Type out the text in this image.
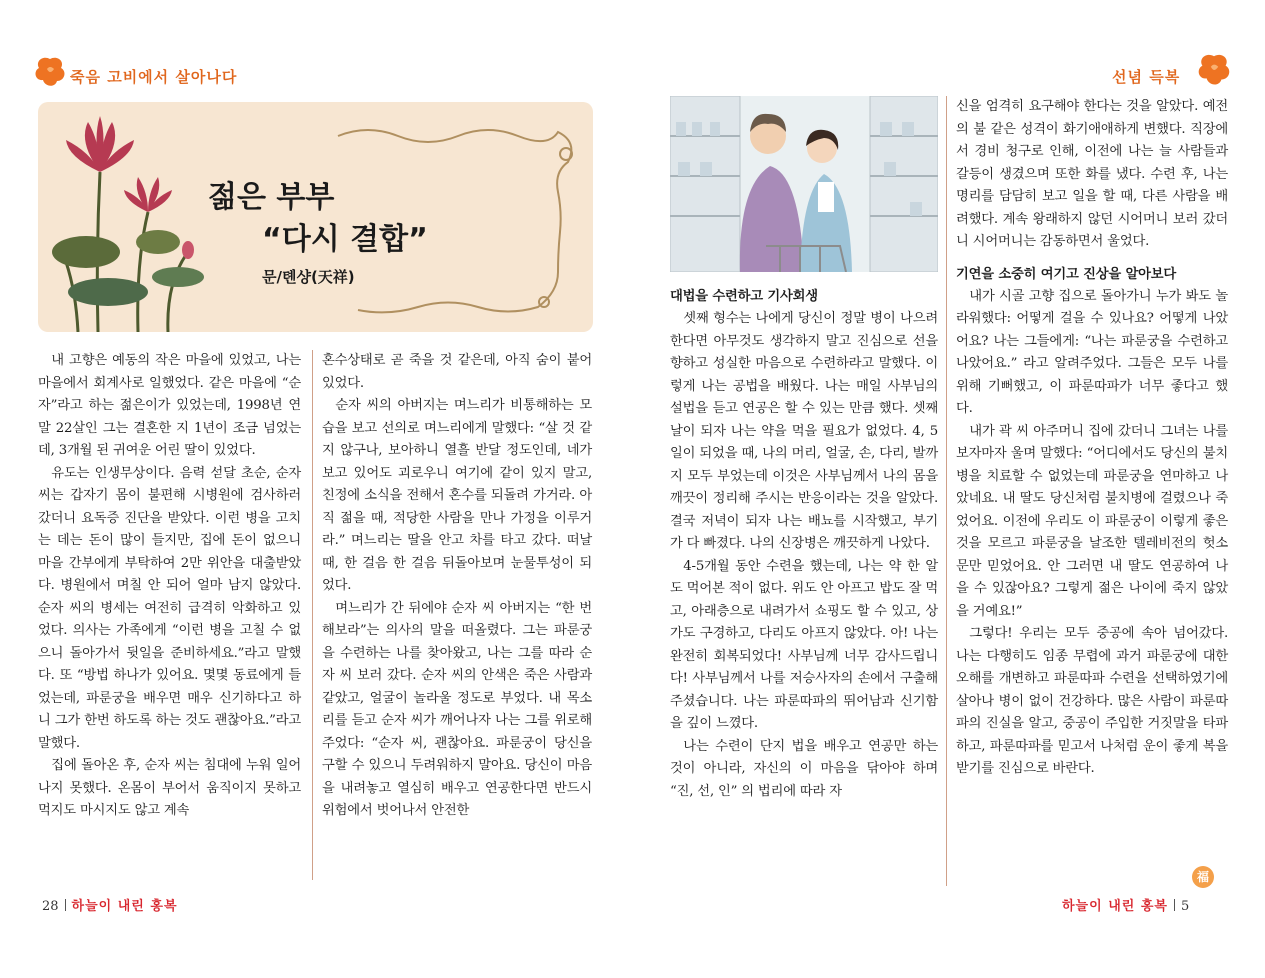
죽음 고비에서 살아나다
젊은 부부
“다시 결합”
문/톈샹(天祥)

내 고향은 예동의 작은 마을에 있었고, 나는 마을에서 회계사로 일했었다. 같은 마을에 “순자”라고 하는 젊은이가 있었는데, 1998년 연말 22살인 그는 결혼한 지 1년이 조금 넘었는데, 3개월 된 귀여운 어린 딸이 있었다.

유도는 인생무상이다. 음력 섣달 초순, 순자 씨는 갑자기 몸이 불편해 시병원에 검사하러 갔더니 요독증 진단을 받았다. 이런 병을 고치는 데는 돈이 많이 들지만, 집에 돈이 없으니 마을 간부에게 부탁하여 2만 위안을 대출받았다. 병원에서 며칠 안 되어 얼마 남지 않았다. 순자 씨의 병세는 여전히 급격히 악화하고 있었다. 의사는 가족에게 “이런 병을 고칠 수 없으니 돌아가서 뒷일을 준비하세요.”라고 말했다. 또 “방법 하나가 있어요. 몇몇 동료에게 들었는데, 파룬궁을 배우면 매우 신기하다고 하니 그가 한번 하도록 하는 것도 괜찮아요.”라고 말했다.

집에 돌아온 후, 순자 씨는 침대에 누워 일어나지 못했다. 온몸이 부어서 움직이지 못하고 먹지도 마시지도 않고 계속

혼수상태로 곧 죽을 것 같은데, 아직 숨이 붙어 있었다.

순자 씨의 아버지는 며느리가 비통해하는 모습을 보고 선의로 며느리에게 말했다: “살 것 같지 않구나, 보아하니 열흘 반달 정도인데, 네가 보고 있어도 괴로우니 여기에 같이 있지 말고, 친정에 소식을 전해서 혼수를 되돌려 가거라. 아직 젊을 때, 적당한 사람을 만나 가정을 이루거라.” 며느리는 딸을 안고 차를 타고 갔다. 떠날 때, 한 걸음 한 걸음 뒤돌아보며 눈물투성이 되었다.

며느리가 간 뒤에야 순자 씨 아버지는 “한 번 해보라”는 의사의 말을 떠올렸다. 그는 파룬궁을 수련하는 나를 찾아왔고, 나는 그를 따라 순자 씨 보러 갔다. 순자 씨의 안색은 죽은 사람과 같았고, 얼굴이 놀라울 정도로 부었다. 내 목소리를 듣고 순자 씨가 깨어나자 나는 그를 위로해 주었다: “순자 씨, 괜찮아요. 파룬궁이 당신을 구할 수 있으니 두려워하지 말아요. 당신이 마음을 내려놓고 열심히 배우고 연공한다면 반드시 위험에서 벗어나서 안전한

28 하늘이 내린 홍복
선념 득복
대법을 수련하고 기사회생

셋째 형수는 나에게 당신이 정말 병이 나으려 한다면 아무것도 생각하지 말고 진심으로 선을 향하고 성실한 마음으로 수련하라고 말했다. 이렇게 나는 공법을 배웠다. 나는 매일 사부님의 설법을 듣고 연공은 할 수 있는 만큼 했다. 셋째 날이 되자 나는 약을 먹을 필요가 없었다. 4, 5일이 되었을 때, 나의 머리, 얼굴, 손, 다리, 발까지 모두 부었는데 이것은 사부님께서 나의 몸을 깨끗이 정리해 주시는 반응이라는 것을 알았다. 결국 저녁이 되자 나는 배뇨를 시작했고, 부기가 다 빠졌다. 나의 신장병은 깨끗하게 나았다.

4-5개월 동안 수련을 했는데, 나는 약 한 알도 먹어본 적이 없다. 위도 안 아프고 밥도 잘 먹고, 아래층으로 내려가서 쇼핑도 할 수 있고, 상가도 구경하고, 다리도 아프지 않았다. 아! 나는 완전히 회복되었다! 사부님께 너무 감사드립니다! 사부님께서 나를 저승사자의 손에서 구출해 주셨습니다. 나는 파룬따파의 뛰어남과 신기함을 깊이 느꼈다.

나는 수련이 단지 법을 배우고 연공만 하는 것이 아니라, 자신의 이 마음을 닦아야 하며 “진, 선, 인” 의 법리에 따라 자

신을 엄격히 요구해야 한다는 것을 알았다. 예전의 불 같은 성격이 화기애애하게 변했다. 직장에서 경비 청구로 인해, 이전에 나는 늘 사람들과 갈등이 생겼으며 또한 화를 냈다. 수련 후, 나는 명리를 담담히 보고 일을 할 때, 다른 사람을 배려했다. 계속 왕래하지 않던 시어머니 보러 갔더니 시어머니는 감동하면서 울었다.

기연을 소중히 여기고 진상을 알아보다

내가 시골 고향 집으로 돌아가니 누가 봐도 놀라워했다: 어떻게 걸을 수 있나요? 어떻게 나았어요? 나는 그들에게: “나는 파룬궁을 수련하고 나았어요.” 라고 알려주었다. 그들은 모두 나를 위해 기뻐했고, 이 파룬따파가 너무 좋다고 했다.

내가 곽 씨 아주머니 집에 갔더니 그녀는 나를 보자마자 울며 말했다: “어디에서도 당신의 불치병을 치료할 수 없었는데 파룬궁을 연마하고 나았네요. 내 딸도 당신처럼 불치병에 걸렸으나 죽었어요. 이전에 우리도 이 파룬궁이 이렇게 좋은 것을 모르고 파룬궁을 날조한 텔레비전의 헛소문만 믿었어요. 안 그러면 내 딸도 연공하여 나을 수 있잖아요? 그렇게 젊은 나이에 죽지 않았을 거예요!”

그렇다! 우리는 모두 중공에 속아 넘어갔다. 나는 다행히도 임종 무렵에 과거 파룬궁에 대한 오해를 개변하고 파룬따파 수련을 선택하였기에 살아나 병이 없이 건강하다. 많은 사람이 파룬따파의 진실을 알고, 중공이 주입한 거짓말을 타파하고, 파룬따파를 믿고서 나처럼 운이 좋게 복을 받기를 진심으로 바란다.

福
하늘이 내린 홍복 5
